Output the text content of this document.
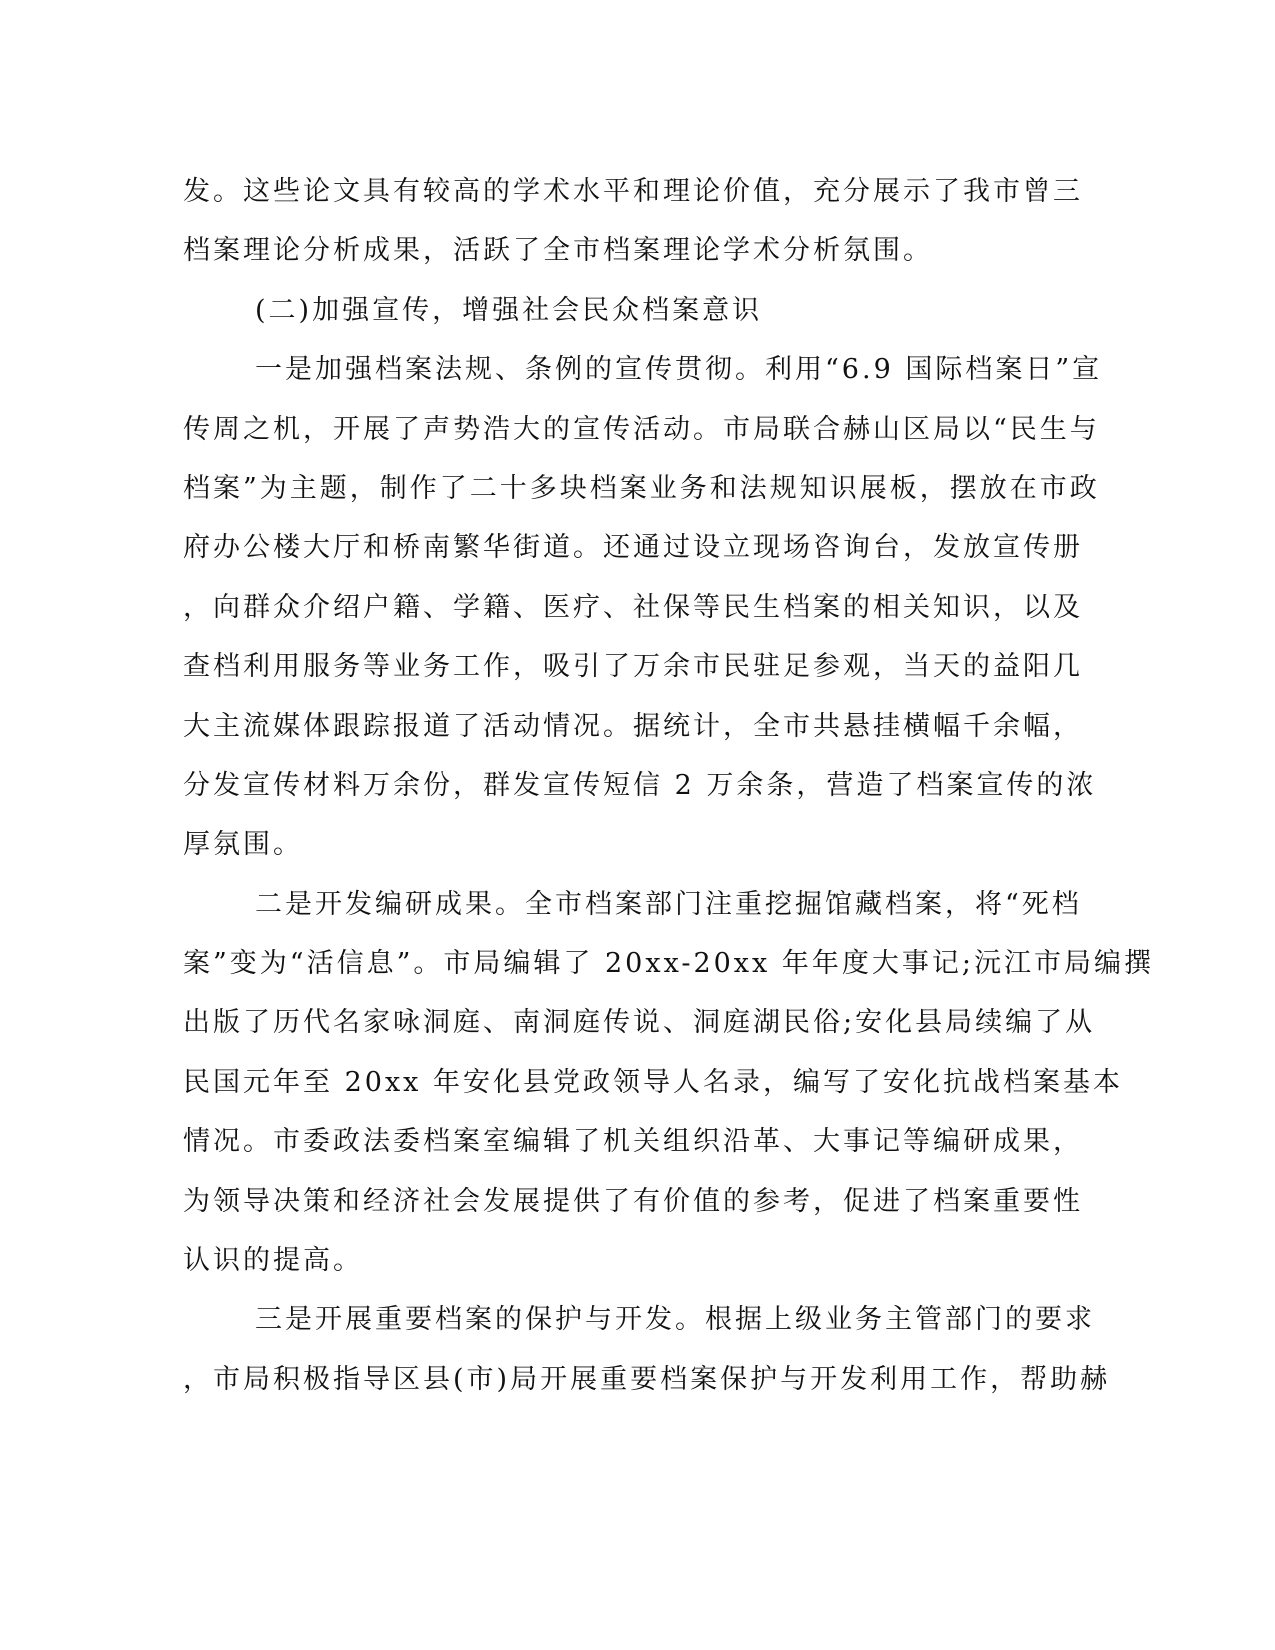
发。这些论文具有较高的学术水平和理论价值，充分展示了我市曾三
档案理论分析成果，活跃了全市档案理论学术分析氛围。
(二)加强宣传，增强社会民众档案意识
一是加强档案法规、条例的宣传贯彻。利用“6.9 国际档案日”宣
传周之机，开展了声势浩大的宣传活动。市局联合赫山区局以“民生与
档案”为主题，制作了二十多块档案业务和法规知识展板，摆放在市政
府办公楼大厅和桥南繁华街道。还通过设立现场咨询台，发放宣传册
，向群众介绍户籍、学籍、医疗、社保等民生档案的相关知识，以及
查档利用服务等业务工作，吸引了万余市民驻足参观，当天的益阳几
大主流媒体跟踪报道了活动情况。据统计，全市共悬挂横幅千余幅，
分发宣传材料万余份，群发宣传短信 2 万余条，营造了档案宣传的浓
厚氛围。
二是开发编研成果。全市档案部门注重挖掘馆藏档案，将“死档
案”变为“活信息”。市局编辑了 20xx-20xx 年年度大事记;沅江市局编撰
出版了历代名家咏洞庭、南洞庭传说、洞庭湖民俗;安化县局续编了从
民国元年至 20xx 年安化县党政领导人名录，编写了安化抗战档案基本
情况。市委政法委档案室编辑了机关组织沿革、大事记等编研成果，
为领导决策和经济社会发展提供了有价值的参考，促进了档案重要性
认识的提高。
三是开展重要档案的保护与开发。根据上级业务主管部门的要求
，市局积极指导区县(市)局开展重要档案保护与开发利用工作，帮助赫
